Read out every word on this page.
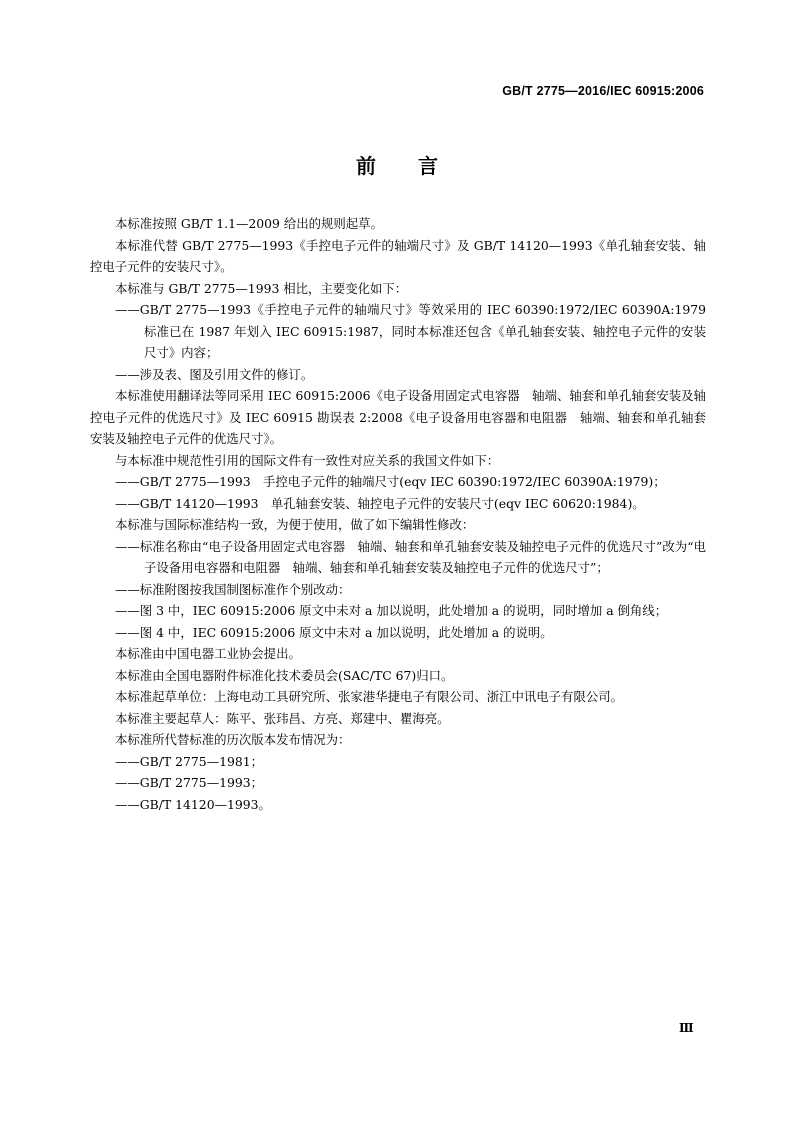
GB/T 2775—2016/IEC 60915:2006
前言

本标准按照 GB/T 1.1—2009 给出的规则起草。

本标准代替 GB/T 2775—1993《手控电子元件的轴端尺寸》及 GB/T 14120—1993《单孔轴套安装、轴控电子元件的安装尺寸》。

本标准与 GB/T 2775—1993 相比，主要变化如下：

——GB/T 2775—1993《手控电子元件的轴端尺寸》等效采用的 IEC 60390:1972/IEC 60390A:1979 标准已在 1987 年划入 IEC 60915:1987，同时本标准还包含《单孔轴套安装、轴控电子元件的安装尺寸》内容；

——涉及表、图及引用文件的修订。

本标准使用翻译法等同采用 IEC 60915:2006《电子设备用固定式电容器　轴端、轴套和单孔轴套安装及轴控电子元件的优选尺寸》及 IEC 60915 勘误表 2:2008《电子设备用电容器和电阻器　轴端、轴套和单孔轴套安装及轴控电子元件的优选尺寸》。

与本标准中规范性引用的国际文件有一致性对应关系的我国文件如下：

——GB/T 2775—1993　手控电子元件的轴端尺寸(eqv IEC 60390:1972/IEC 60390A:1979)；

——GB/T 14120—1993　单孔轴套安装、轴控电子元件的安装尺寸(eqv IEC 60620:1984)。

本标准与国际标准结构一致，为便于使用，做了如下编辑性修改：

——标准名称由“电子设备用固定式电容器　轴端、轴套和单孔轴套安装及轴控电子元件的优选尺寸”改为“电子设备用电容器和电阻器　轴端、轴套和单孔轴套安装及轴控电子元件的优选尺寸”；

——标准附图按我国制图标准作个别改动：

——图 3 中，IEC 60915:2006 原文中未对 a 加以说明，此处增加 a 的说明，同时增加 a 倒角线；

——图 4 中，IEC 60915:2006 原文中未对 a 加以说明，此处增加 a 的说明。

本标准由中国电器工业协会提出。

本标准由全国电器附件标准化技术委员会(SAC/TC 67)归口。

本标准起草单位：上海电动工具研究所、张家港华捷电子有限公司、浙江中讯电子有限公司。

本标准主要起草人：陈平、张玮昌、方亮、郑建中、瞿海亮。

本标准所代替标准的历次版本发布情况为：

——GB/T 2775—1981；

——GB/T 2775—1993；

——GB/T 14120—1993。

Ⅲ
